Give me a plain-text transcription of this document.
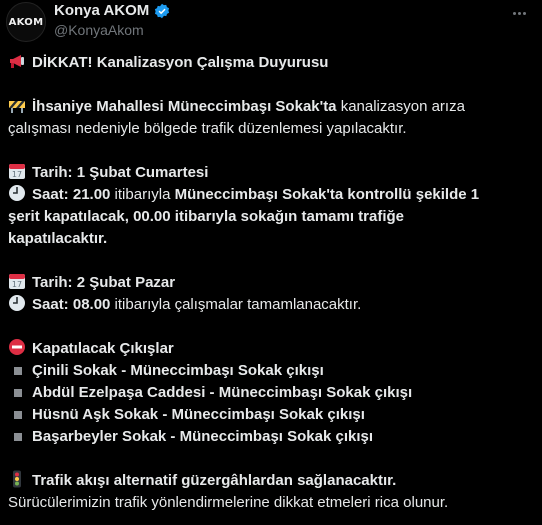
AKOM
Konya AKOM
@KonyaAkom
DİKKAT! Kanalizasyon Çalışma Duyurusu
İhsaniye Mahallesi Müneccimbaşı Sokak'ta kanalizasyon arıza
çalışması nedeniyle bölgede trafik düzenlemesi yapılacaktır.
17 Tarih: 1 Şubat Cumartesi
Saat: 21.00 itibarıyla Müneccimbaşı Sokak'ta kontrollü şekilde 1
şerit kapatılacak, 00.00 itibarıyla sokağın tamamı trafiğe
kapatılacaktır.
17 Tarih: 2 Şubat Pazar
Saat: 08.00 itibarıyla çalışmalar tamamlanacaktır.
Kapatılacak Çıkışlar
Çinili Sokak - Müneccimbaşı Sokak çıkışı
Abdül Ezelpaşa Caddesi - Müneccimbaşı Sokak çıkışı
Hüsnü Aşk Sokak - Müneccimbaşı Sokak çıkışı
Başarbeyler Sokak - Müneccimbaşı Sokak çıkışı
Trafik akışı alternatif güzergâhlardan sağlanacaktır.
Sürücülerimizin trafik yönlendirmelerine dikkat etmeleri rica olunur.
